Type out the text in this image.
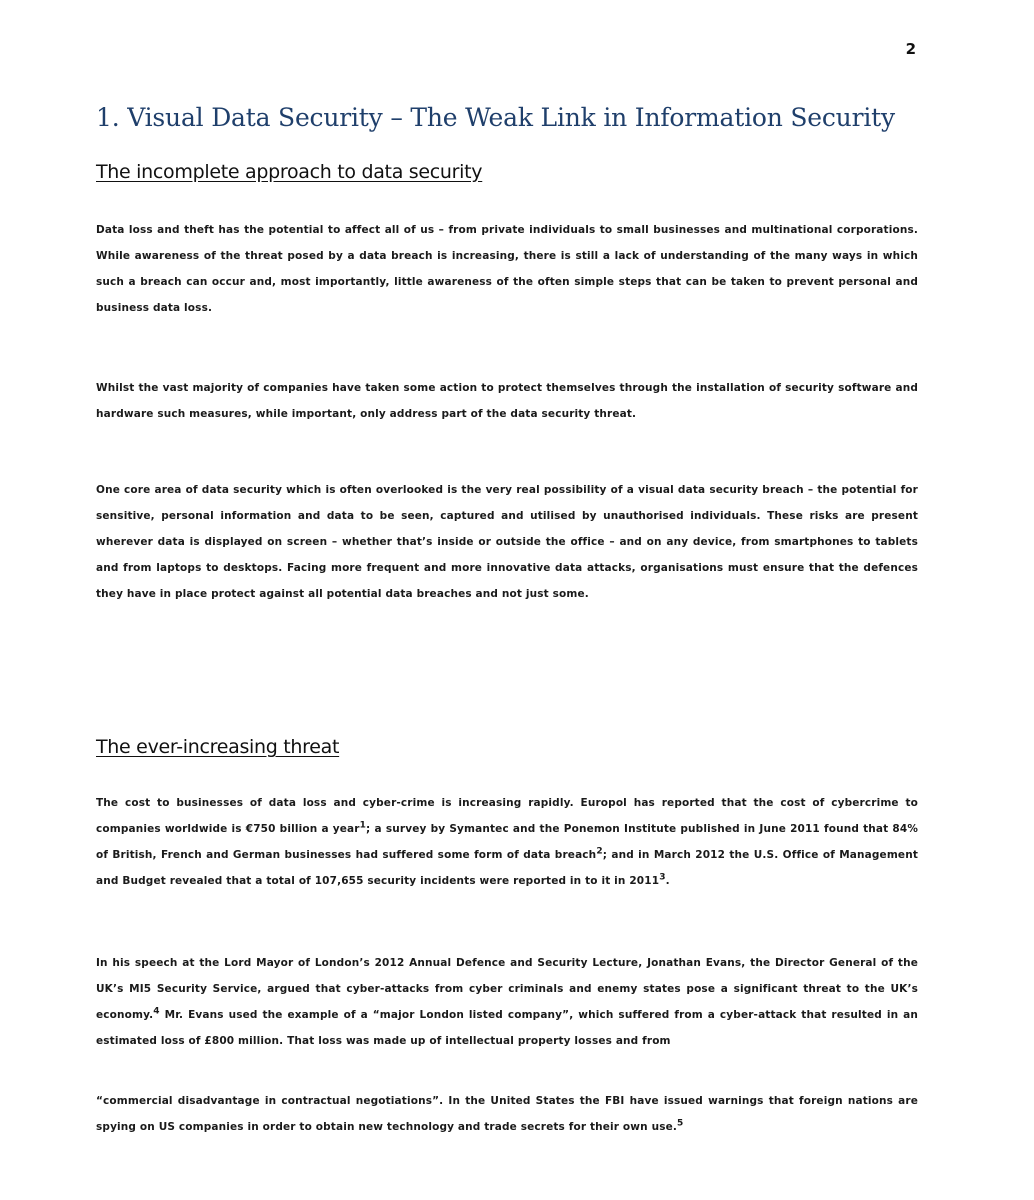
2
1. Visual Data Security – The Weak Link in Information Security
The incomplete approach to data security

Data loss and theft has the potential to affect all of us – from private individuals to small businesses and multinational corporations. While awareness of the threat posed by a data breach is increasing, there is still a lack of understanding of the many ways in which such a breach can occur and, most importantly, little awareness of the often simple steps that can be taken to prevent personal and business data loss.

Whilst the vast majority of companies have taken some action to protect themselves through the installation of security software and hardware such measures, while important, only address part of the data security threat.

One core area of data security which is often overlooked is the very real possibility of a visual data security breach – the potential for sensitive, personal information and data to be seen, captured and utilised by unauthorised individuals. These risks are present wherever data is displayed on screen – whether that’s inside or outside the office – and on any device, from smartphones to tablets and from laptops to desktops. Facing more frequent and more innovative data attacks, organisations must ensure that the defences they have in place protect against all potential data breaches and not just some.

The ever-increasing threat

The cost to businesses of data loss and cyber-crime is increasing rapidly. Europol has reported that the cost of cybercrime to companies worldwide is €750 billion a year$^1$; a survey by Symantec and the Ponemon Institute published in June 2011 found that 84% of British, French and German businesses had suffered some form of data breach$^2$; and in March 2012 the U.S. Office of Management and Budget revealed that a total of 107,655 security incidents were reported in to it in 2011$^3$.

In his speech at the Lord Mayor of London’s 2012 Annual Defence and Security Lecture, Jonathan Evans, the Director General of the UK’s MI5 Security Service, argued that cyber-attacks from cyber criminals and enemy states pose a significant threat to the UK’s economy.$^4$ Mr. Evans used the example of a “major London listed company”, which suffered from a cyber-attack that resulted in an estimated loss of £800 million. That loss was made up of intellectual property losses and from

“commercial disadvantage in contractual negotiations”. In the United States the FBI have issued warnings that foreign nations are spying on US companies in order to obtain new technology and trade secrets for their own use.$^5$
